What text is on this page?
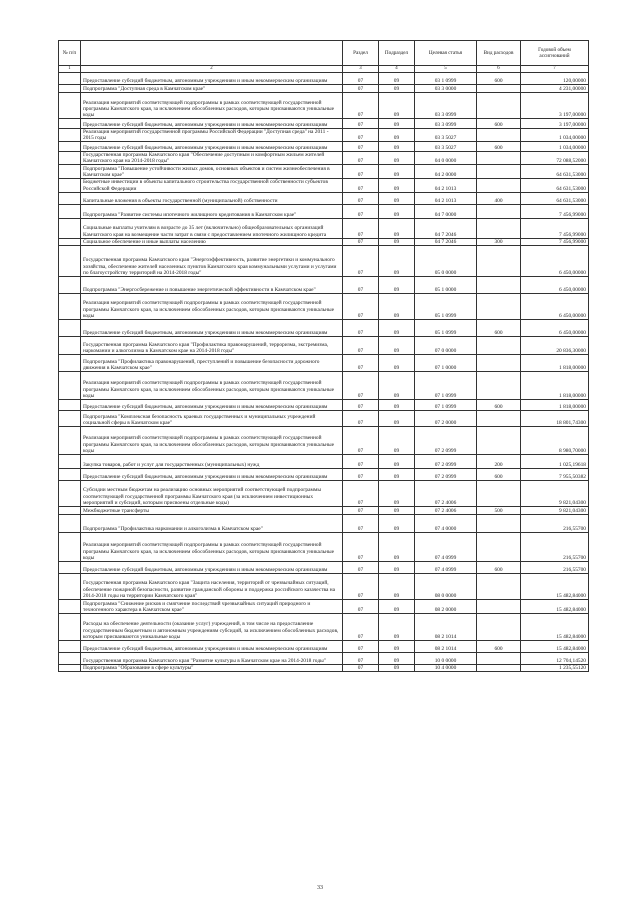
№ п/п		Раздел	Подраздел	Целевая статья	Вид расходов	Годовой объем ассигнований
1	2	3	4	5	6	7
	Предоставление субсидий бюджетным, автономным учреждениям и иным некоммерческим организациям	07	09	03 1 0999	600	120,00000
	Подпрограмма "Доступная среда в Камчатском крае"	07	09	03 3 0000		4 231,00000
	Реализация мероприятий соответствующей подпрограммы в рамках соответствующей государственной программы Камчатского края, за исключением обособленных расходов, которым присваиваются уникальные коды	07	09	03 3 0999		3 197,00000
	Предоставление субсидий бюджетным, автономным учреждениям и иным некоммерческим организациям	07	09	03 3 0999	600	3 197,00000
	Реализация мероприятий государственной программы Российской Федерации "Доступная среда" на 2011 - 2015 годы	07	09	03 3 5027		1 034,00000
	Предоставление субсидий бюджетным, автономным учреждениям и иным некоммерческим организациям	07	09	03 3 5027	600	1 034,00000
	Государственная программа Камчатского края "Обеспечение доступным и комфортным жильем жителей Камчатского края на 2014-2018 годы"	07	09	04 0 0000		72 088,52000
	Подпрограмма "Повышение устойчивости жилых домов, основных объектов и систем жизнеобеспечения в Камчатском крае"	07	09	04 2 0000		64 631,53000
	Бюджетные инвестиции в объекты капитального строительства государственной собственности субъектов Российской Федерации	07	09	04 2 1013		64 631,53000
	Капитальные вложения в объекты государственной (муниципальной) собственности	07	09	04 2 1013	400	64 631,53000
	Подпрограмма "Развитие системы ипотечного жилищного кредитования в Камчатском крае"	07	09	04 7 0000		7 456,99000
	Социальные выплаты учителям в возрасте до 35 лет (включительно) общеобразовательных организаций Камчатского края на возмещение части затрат в связи с предоставлением ипотечного жилищного кредита	07	09	04 7 2046		7 456,99000
	Социальное обеспечение и иные выплаты населению	07	09	04 7 2046	300	7 456,99000
	Государственная программа Камчатского края "Энергоэффективность, развитие энергетики и коммунального хозяйства, обеспечение жителей населенных пунктов Камчатского края коммунальными услугами и услугами по благоустройству территорий на 2014-2018 годы"	07	09	05 0 0000		6 450,00000
	Подпрограмма "Энергосбережение и повышение энергетической эффективности в Камчатском крае"	07	09	05 1 0000		6 450,00000
	Реализация мероприятий соответствующей подпрограммы в рамках соответствующей государственной программы Камчатского края, за исключением обособленных расходов, которым присваиваются уникальные коды	07	09	05 1 0999		6 450,00000
	Предоставление субсидий бюджетным, автономным учреждениям и иным некоммерческим организациям	07	09	05 1 0999	600	6 450,00000
	Государственная программа Камчатского края "Профилактика правонарушений, терроризма, экстремизма, наркомании и алкоголизма в Камчатском крае на 2014-2018 годы"	07	09	07 0 0000		20 836,30000
	Подпрограмма "Профилактика правонарушений, преступлений и повышение безопасности дорожного движения в Камчатском крае"	07	09	07 1 0000		1 818,00000
	Реализация мероприятий соответствующей подпрограммы в рамках соответствующей государственной программы Камчатского края, за исключением обособленных расходов, которым присваиваются уникальные коды	07	09	07 1 0999		1 818,00000
	Предоставление субсидий бюджетным, автономным учреждениям и иным некоммерческим организациям	07	09	07 1 0999	600	1 818,00000
	Подпрограмма "Комплексная безопасность краевых государственных и муниципальных учреждений социальной сферы в Камчатском крае"	07	09	07 2 0000		18 801,74300
	Реализация мероприятий соответствующей подпрограммы в рамках соответствующей государственной программы Камчатского края, за исключением обособленных расходов, которым присваиваются уникальные коды	07	09	07 2 0999		8 980,70000
	Закупка товаров, работ и услуг для государственных (муниципальных) нужд	07	09	07 2 0999	200	1 025,19618
	Предоставление субсидий бюджетным, автономным учреждениям и иным некоммерческим организациям	07	09	07 2 0999	600	7 955,50382
	Субсидии местным бюджетам на реализацию основных мероприятий соответствующей подпрограммы соответствующей государственной программы Камчатского края (за исключением инвестиционных мероприятий и субсидий, которым присвоены отдельные коды)	07	09	07 2 4006		9 821,04300
	Межбюджетные трансферты	07	09	07 2 4006	500	9 821,04300
	Подпрограмма "Профилактика наркомании и алкоголизма в Камчатском крае"	07	09	07 4 0000		216,55700
	Реализация мероприятий соответствующей подпрограммы в рамках соответствующей государственной программы Камчатского края, за исключением обособленных расходов, которым присваиваются уникальные коды	07	09	07 4 0999		216,55700
	Предоставление субсидий бюджетным, автономным учреждениям и иным некоммерческим организациям	07	09	07 4 0999	600	216,55700
	Государственная программа Камчатского края "Защита населения, территорий от чрезвычайных ситуаций, обеспечение пожарной безопасности, развитие гражданской обороны и поддержка российского казачества на 2014-2018 годы на территории Камчатского края"	07	09	08 0 0000		15 482,84000
	Подпрограмма "Снижение рисков и смягчение последствий чрезвычайных ситуаций природного и техногенного характера в Камчатском крае"	07	09	08 2 0000		15 482,84000
	Расходы на обеспечение деятельности (оказание услуг) учреждений, в том числе на предоставление государственным бюджетным и автономным учреждениям субсидий, за исключением обособленных расходов, которым присваиваются уникальные коды	07	09	08 2 1014		15 482,84000
	Предоставление субсидий бюджетным, автономным учреждениям и иным некоммерческим организациям	07	09	08 2 1014	600	15 482,84000
	Государственная программа Камчатского края "Развитие культуры в Камчатском крае на 2014-2018 годы"	07	09	10 0 0000		12 704,14520
	Подпрограмма "Образование в сфере культуры"	07	09	10 4 0000		1 235,55120
33
